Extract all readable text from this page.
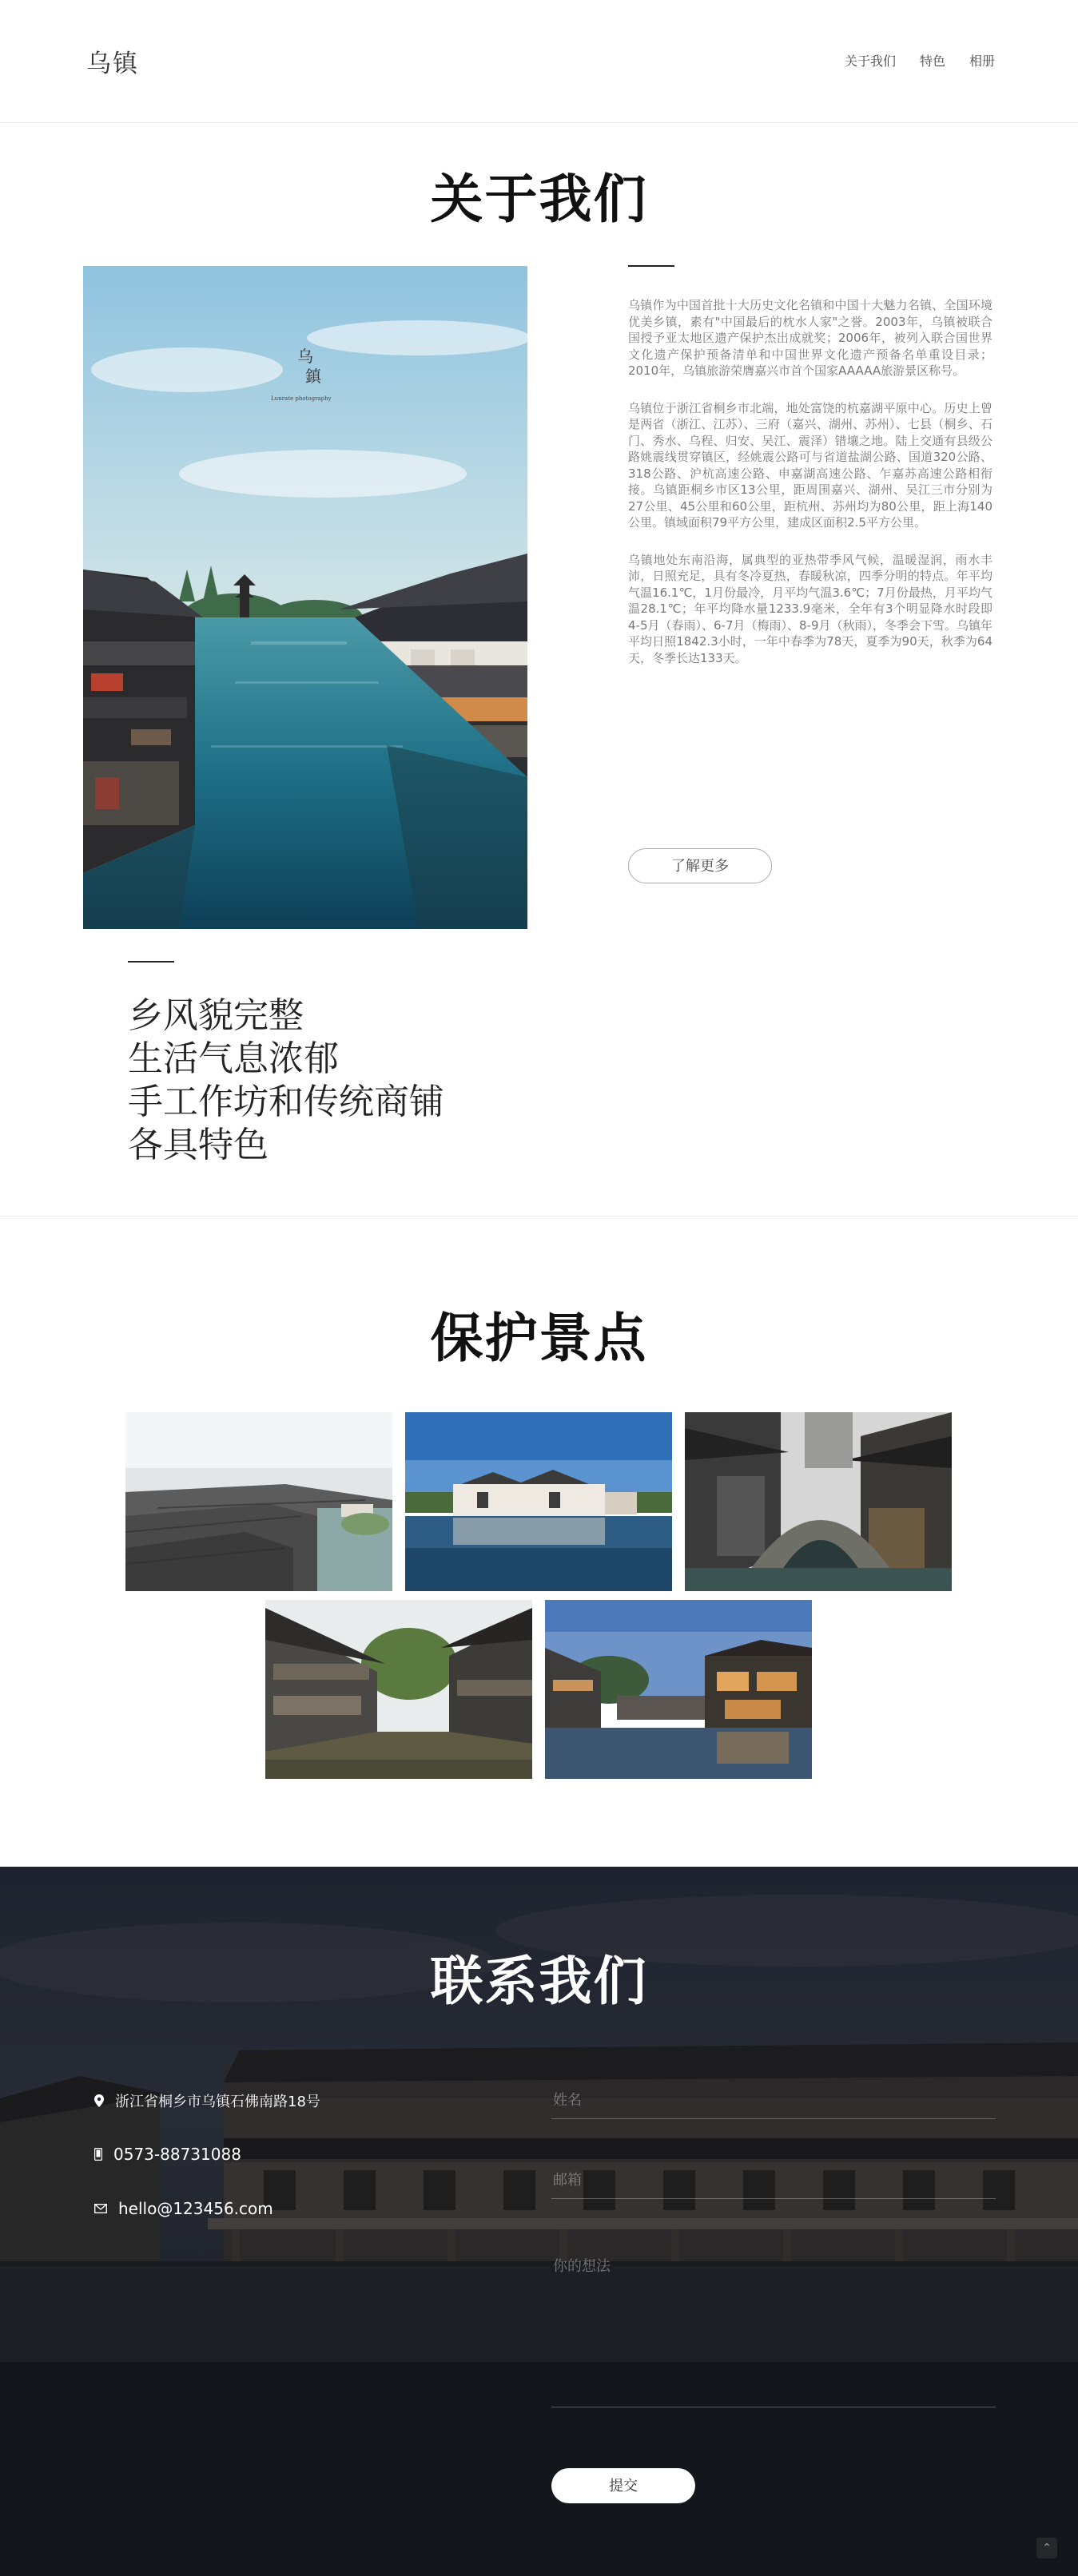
乌镇	关于我们 特色 相册
关于我们
乌
鎮
Lunrate photography

乌镇作为中国首批十大历史文化名镇和中国十大魅力名镇、全国环境优美乡镇，素有"中国最后的枕水人家"之誉。2003年，乌镇被联合国授予亚太地区遗产保护杰出成就奖；2006年，被列入联合国世界文化遗产保护预备清单和中国世界文化遗产预备名单重设目录；2010年，乌镇旅游荣膺嘉兴市首个国家AAAAA旅游景区称号。

乌镇位于浙江省桐乡市北端，地处富饶的杭嘉湖平原中心。历史上曾是两省（浙江、江苏）、三府（嘉兴、湖州、苏州）、七县（桐乡、石门、秀水、乌程、归安、吴江、震泽）错壤之地。陆上交通有县级公路姚震线贯穿镇区，经姚震公路可与省道盐湖公路、国道320公路、318公路、沪杭高速公路、申嘉湖高速公路、乍嘉苏高速公路相衔接。乌镇距桐乡市区13公里，距周围嘉兴、湖州、吴江三市分别为27公里、45公里和60公里，距杭州、苏州均为80公里，距上海140公里。镇域面积79平方公里，建成区面积2.5平方公里。

乌镇地处东南沿海，属典型的亚热带季风气候，温暖湿润，雨水丰沛，日照充足，具有冬冷夏热，春暖秋凉，四季分明的特点。年平均气温16.1℃，1月份最冷，月平均气温3.6℃；7月份最热，月平均气温28.1℃；年平均降水量1233.9毫米，全年有3个明显降水时段即4-5月（春雨）、6-7月（梅雨）、8-9月（秋雨），冬季会下雪。乌镇年平均日照1842.3小时，一年中春季为78天，夏季为90天，秋季为64天，冬季长达133天。

了解更多
乡风貌完整
生活气息浓郁
手工作坊和传统商铺
各具特色
保护景点
联系我们
浙江省桐乡市乌镇石佛南路18号
0573-88731088
hello@123456.com
姓名
邮箱
你的想法
提交
⌃
